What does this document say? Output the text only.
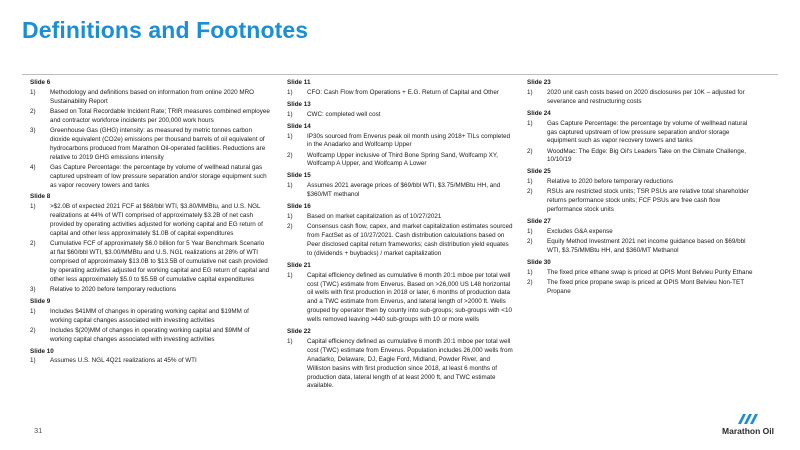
Definitions and Footnotes
Slide 6
1)	Methodology and definitions based on information from online 2020 MRO Sustainability Report
2)	Based on Total Recordable Incident Rate; TRIR measures combined employee and contractor workforce incidents per 200,000 work hours
3)	Greenhouse Gas (GHG) intensity: as measured by metric tonnes carbon dioxide equivalent (CO2e) emissions per thousand barrels of oil equivalent of hydrocarbons produced from Marathon Oil-operated facilities. Reductions are relative to 2019 GHG emissions intensity
4)	Gas Capture Percentage: the percentage by volume of wellhead natural gas captured upstream of low pressure separation and/or storage equipment such as vapor recovery towers and tanks
Slide 8
1)	>$2.0B of expected 2021 FCF at $68/bbl WTI, $3.80/MMBtu, and U.S. NGL realizations at 44% of WTI comprised of approximately $3.2B of net cash provided by operating activities adjusted for working capital and EG return of capital and other less approximately $1.0B of capital expenditures
2)	Cumulative FCF of approximately $6.0 billion for 5 Year Benchmark Scenario at flat $60/bbl WTI, $3.00/MMBtu and U.S. NGL realizations at 28% of WTI comprised of approximately $13.0B to $13.5B of cumulative net cash provided by operating activities adjusted for working capital and EG return of capital and other less approximately $5.0 to $5.5B of cumulative capital expenditures
3)	Relative to 2020 before temporary reductions
Slide 9
1)	Includes $41MM of changes in operating working capital and $19MM of working capital changes associated with investing activities
2)	Includes $(20)MM of changes in operating working capital and $9MM of working capital changes associated with investing activities
Slide 10
1)	Assumes U.S. NGL 4Q21 realizations at 45% of WTI
Slide 11
1)	CFO: Cash Flow from Operations + E.G. Return of Capital and Other
Slide 13
1)	CWC: completed well cost
Slide 14
1)	IP30s sourced from Enverus peak oil month using 2018+ TILs completed in the Anadarko and Wolfcamp Upper
2)	Wolfcamp Upper inclusive of Third Bone Spring Sand, Wolfcamp XY, Wolfcamp A Upper, and Wolfcamp A Lower
Slide 15
1)	Assumes 2021 average prices of $69/bbl WTI, $3.75/MMBtu HH, and $360/MT methanol
Slide 16
1)	Based on market capitalization as of 10/27/2021
2)	Consensus cash flow, capex, and market capitalization estimates sourced from FactSet as of 10/27/2021. Cash distribution calculations based on Peer disclosed capital return frameworks; cash distribution yield equates to (dividends + buybacks) / market capitalization
Slide 21
1)	Capital efficiency defined as cumulative 6 month 20:1 mboe per total well cost (TWC) estimate from Enverus. Based on >26,000 US L48 horizontal oil wells with first production in 2018 or later, 6 months of production data and a TWC estimate from Enverus, and lateral length of >2000 ft. Wells grouped by operator then by county into sub-groups; sub-groups with <10 wells removed leaving >440 sub-groups with 10 or more wells
Slide 22
1)	Capital efficiency defined as cumulative 6 month 20:1 mboe per total well cost (TWC) estimate from Enverus. Population includes 26,000 wells from Anadarko, Delaware, DJ, Eagle Ford, Midland, Powder River, and Williston basins with first production since 2018, at least 6 months of production data, lateral length of at least 2000 ft, and TWC estimate available.
Slide 23
1)	2020 unit cash costs based on 2020 disclosures per 10K – adjusted for severance and restructuring costs
Slide 24
1)	Gas Capture Percentage: the percentage by volume of wellhead natural gas captured upstream of low pressure separation and/or storage equipment such as vapor recovery towers and tanks
2)	WoodMac: The Edge: Big Oil's Leaders Take on the Climate Challenge, 10/10/19
Slide 25
1)	Relative to 2020 before temporary reductions
2)	RSUs are restricted stock units; TSR PSUs are relative total shareholder returns performance stock units; FCF PSUs are free cash flow performance stock units
Slide 27
1)	Excludes G&A expense
2)	Equity Method Investment 2021 net income guidance based on $69/bbl WTI, $3.75/MMBtu HH, and $360/MT Methanol
Slide 30
1)	The fixed price ethane swap is priced at OPIS Mont Belvieu Purity Ethane
2)	The fixed price propane swap is priced at OPIS Mont Belvieu Non-TET Propane
31	Marathon Oil
